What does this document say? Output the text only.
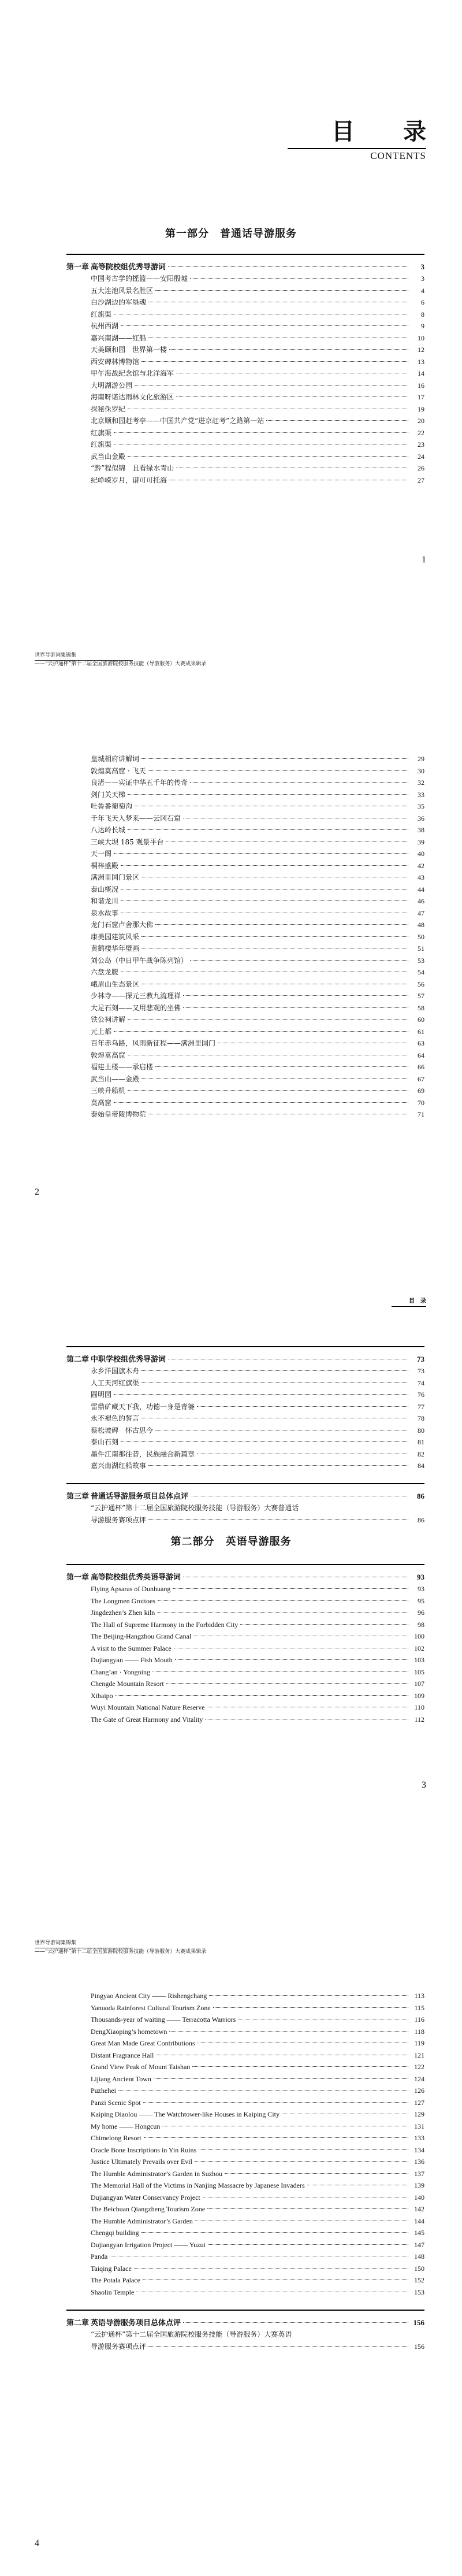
目　录
CONTENTS
第一部分　普通话导游服务
第一章 高等院校组优秀导游词	3
中国考古学的摇篮——安阳殷墟	3
五大连池风景名胜区	4
白沙湖边的军垦魂	6
红旗渠	8
杭州西湖	9
嘉兴南湖——红船	10
天美颐和园　世界第一楼	12
西安碑林博物馆	13
甲午海战纪念馆与北洋海军	14
大明湖游公园	16
海南呀诺达雨林文化旅游区	17
探秘侏罗纪	19
北京顺和园赶考亭——中国共产党“进京赶考”之路第一站	20
红旗渠	22
红旗渠	23
武当山金殿	24
“黔”程似锦　且看绿水青山	26
纪峥嵘岁月，谱可可托海	27
1
世界导游词集锦集
——“云护通杯”第十二届全国旅游院校服务技能（导游服务）大赛成果辑录
皇城相府讲解词	29
敦煌莫高窟 · 飞天	30
良渚——实证中华五千年的传奇	32
剑门关天梯	33
吐鲁番葡萄沟	35
千年飞天入梦来——云冈石窟	36
八达岭长城	38
三峡大坝 185 观景平台	39
天一阁	40
桐梓盛殿	42
满洲里国门景区	43
泰山概况	44
和谐龙川	46
泉水故事	47
龙门石窟卢舍那大佛	48
康美园建筑风采	50
黄鹤楼华年璧画	51
刘公岛（中日甲午战争陈列馆）	53
六盘龙腹	54
峨眉山生态景区	56
少林寺——探元三教九流理禅	57
大足石刻——又用悲观的坐佛	58
铁公祠讲解	60
元上都	61
百年赤乌路，风雨新征程——满洲里国门	63
敦煌莫高窟	64
福建土楼——承启楼	66
武当山——金殿	67
三峡升船机	69
莫高窟	70
泰始皇帝陵博物院	71
2
目　录
第二章 中职学校组优秀导游词	73
永乡洋国旗木舟	73
人工天河红旗渠	74
圆明园	76
雷鼎矿藏天下我，功德一身是青婆	77
永不褪色的誓言	78
蔡松坡碑　怀古思今	80
泰山石刻	81
墨件江南那往昔，民族融合新篇章	82
嘉兴南湖红船故事	84
第三章 普通话导游服务项目总体点评	86
“云护通杯”第十二届全国旅游院校服务技能（导游服务）大赛普通话
导游服务赛项点评	86
第二部分　英语导游服务
第一章 高等院校组优秀英语导游词	93
Flying Apsaras of Dunhuang	93
The Longmen Grottoes	95
Jingdezhen’s Zhen kiln	96
The Hall of Supreme Harmony in the Forbidden City	98
The Beijing-Hangzhou Grand Canal	100
A visit to the Summer Palace	102
Dujiangyan —— Fish Mouth	103
Chang’an · Yongning	105
Chengde Mountain Resort	107
Xibaipo	109
Wuyi Mountain National Nature Reserve	110
The Gate of Great Harmony and Vitality	112
3
世界导游词集锦集
——“云护通杯”第十二届全国旅游院校服务技能（导游服务）大赛成果辑录
Pingyao Ancient City —— Rishengchang	113
Yanuoda Rainforest Cultural Tourism Zone	115
Thousands-year of waiting —— Terracotta Warriors	116
DengXiaoping’s hometown	118
Great Man Made Great Contributions	119
Distant Fragrance Hall	121
Grand View Peak of Mount Taishan	122
Lijiang Ancient Town	124
Puzhehei	126
Panzi Scenic Spot	127
Kaiping Diaolou —— The Watchtower-like Houses in Kaiping City	129
My home —— Hongcun	131
Chimelong Resort	133
Oracle Bone Inscriptions in Yin Ruins	134
Justice Ultimately Prevails over Evil	136
The Humble Administrator’s Garden in Suzhou	137
The Memorial Hall of the Victims in Nanjing Massacre by Japanese Invaders	139
Dujiangyan Water Conservancy Project	140
The Beichuan Qiangzheng Tourism Zone	142
The Humble Administrator’s Garden	144
Chengqi building	145
Dujiangyan Irrigation Project —— Yuzui	147
Panda	148
Taiqing Palace	150
The Potala Palace	152
Shaolin Temple	153
第二章 英语导游服务项目总体点评	156
“云护通杯”第十二届全国旅游院校服务技能（导游服务）大赛英语
导游服务赛项点评	156
4
